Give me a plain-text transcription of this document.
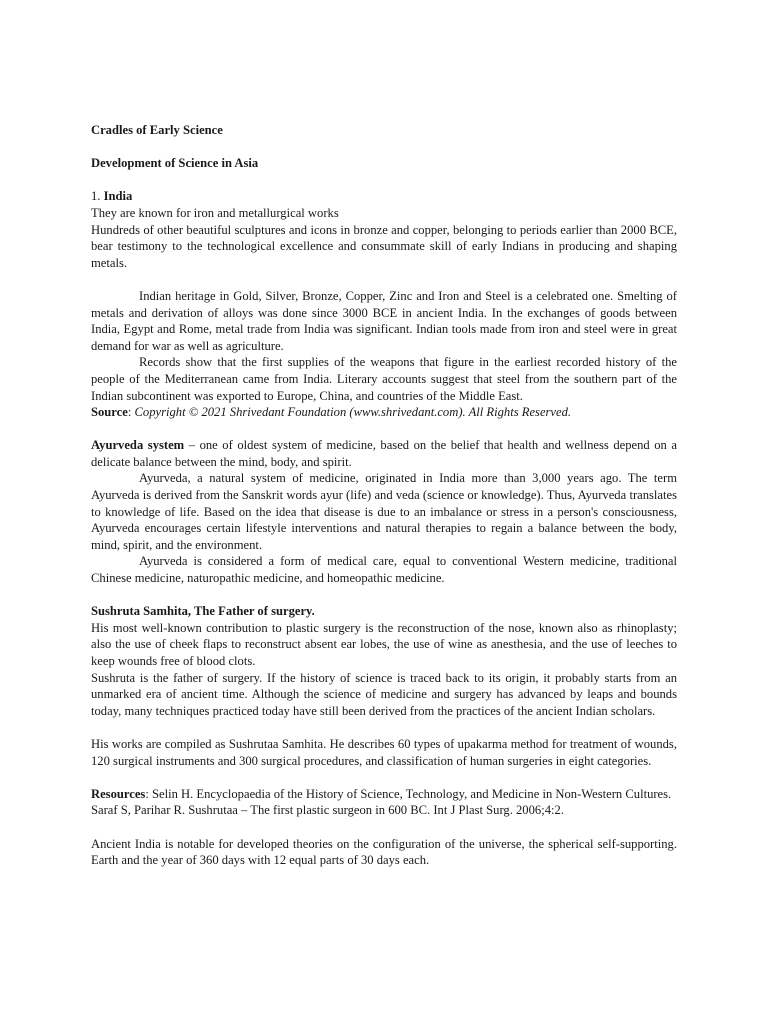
Cradles of Early Science

Development of Science in Asia

1. India

They are known for iron and metallurgical works

Hundreds of other beautiful sculptures and icons in bronze and copper, belonging to periods earlier than 2000 BCE, bear testimony to the technological excellence and consummate skill of early Indians in producing and shaping metals.

Indian heritage in Gold, Silver, Bronze, Copper, Zinc and Iron and Steel is a celebrated one. Smelting of metals and derivation of alloys was done since 3000 BCE in ancient India. In the exchanges of goods between India, Egypt and Rome, metal trade from India was significant. Indian tools made from iron and steel were in great demand for war as well as agriculture.

Records show that the first supplies of the weapons that figure in the earliest recorded history of the people of the Mediterranean came from India. Literary accounts suggest that steel from the southern part of the Indian subcontinent was exported to Europe, China, and countries of the Middle East.

Source: Copyright © 2021 Shrivedant Foundation (www.shrivedant.com). All Rights Reserved.

Ayurveda system – one of oldest system of medicine, based on the belief that health and wellness depend on a delicate balance between the mind, body, and spirit.

Ayurveda, a natural system of medicine, originated in India more than 3,000 years ago. The term Ayurveda is derived from the Sanskrit words ayur (life) and veda (science or knowledge). Thus, Ayurveda translates to knowledge of life. Based on the idea that disease is due to an imbalance or stress in a person's consciousness, Ayurveda encourages certain lifestyle interventions and natural therapies to regain a balance between the body, mind, spirit, and the environment.

Ayurveda is considered a form of medical care, equal to conventional Western medicine, traditional Chinese medicine, naturopathic medicine, and homeopathic medicine.

Sushruta Samhita, The Father of surgery.

His most well-known contribution to plastic surgery is the reconstruction of the nose, known also as rhinoplasty; also the use of cheek flaps to reconstruct absent ear lobes, the use of wine as anesthesia, and the use of leeches to keep wounds free of blood clots.

Sushruta is the father of surgery. If the history of science is traced back to its origin, it probably starts from an unmarked era of ancient time. Although the science of medicine and surgery has advanced by leaps and bounds today, many techniques practiced today have still been derived from the practices of the ancient Indian scholars.

His works are compiled as Sushrutaa Samhita. He describes 60 types of upakarma method for treatment of wounds, 120 surgical instruments and 300 surgical procedures, and classification of human surgeries in eight categories.

Resources: Selin H. Encyclopaedia of the History of Science, Technology, and Medicine in Non-Western Cultures.

Saraf S, Parihar R. Sushrutaa – The first plastic surgeon in 600 BC. Int J Plast Surg. 2006;4:2.

Ancient India is notable for developed theories on the configuration of the universe, the spherical self-supporting. Earth and the year of 360 days with 12 equal parts of 30 days each.
